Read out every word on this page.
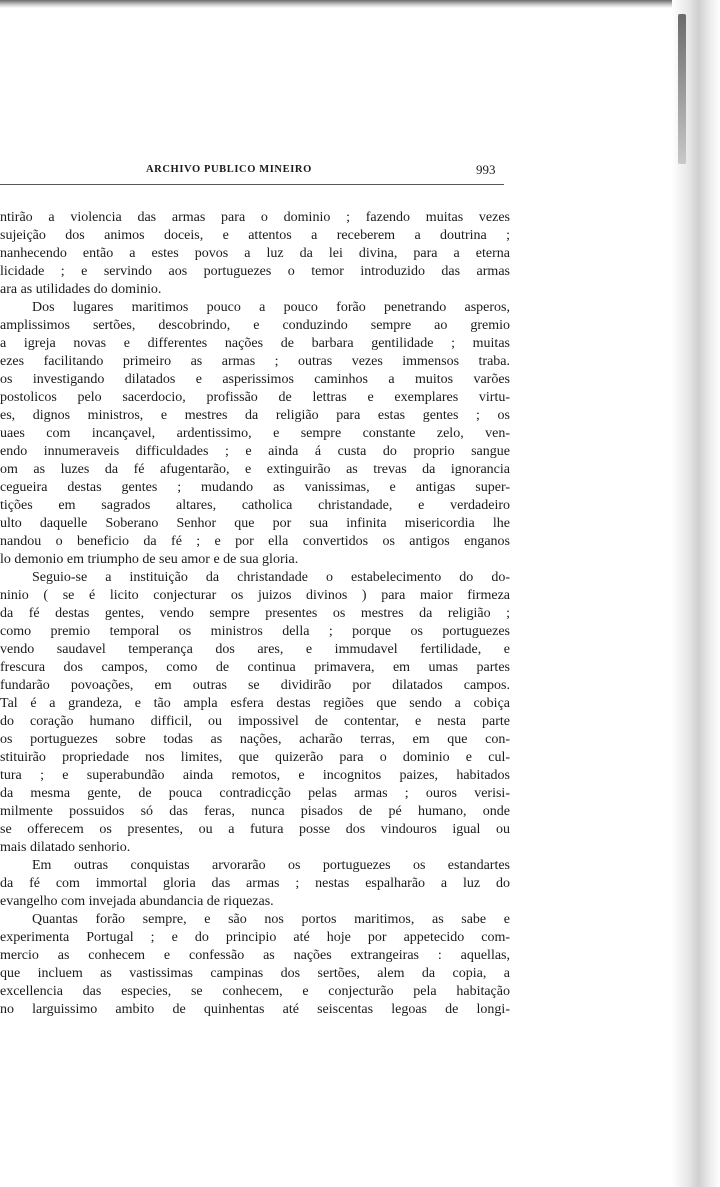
ARCHIVO PUBLICO MINEIRO	993
ntirão a violencia das armas para o dominio ; fazendo muitas vezes
sujeição dos animos doceis, e attentos a receberem a doutrina ;
nanhecendo então a estes povos a luz da lei divina, para a eterna
licidade ; e servindo aos portuguezes o temor introduzido das armas
ara as utilidades do dominio.
Dos lugares maritimos pouco a pouco forão penetrando asperos,
amplissimos sertões, descobrindo, e conduzindo sempre ao gremio
a igreja novas e differentes nações de barbara gentilidade ; muitas
ezes facilitando primeiro as armas ; outras vezes immensos traba.
os investigando dilatados e asperissimos caminhos a muitos varões
postolicos pelo sacerdocio, profissão de lettras e exemplares virtu-
es, dignos ministros, e mestres da religião para estas gentes ; os
uaes com incançavel, ardentissimo, e sempre constante zelo, ven-
endo innumeraveis difficuldades ; e ainda á custa do proprio sangue
om as luzes da fé afugentarão, e extinguirão as trevas da ignorancia
cegueira destas gentes ; mudando as vanissimas, e antigas super-
tições em sagrados altares, catholica christandade, e verdadeiro
ulto daquelle Soberano Senhor que por sua infinita misericordia lhe
nandou o beneficio da fé ; e por ella convertidos os antigos enganos
lo demonio em triumpho de seu amor e de sua gloria.
Seguio-se a instituição da christandade o estabelecimento do do-
ninio ( se é licito conjecturar os juizos divinos ) para maior firmeza
da fé destas gentes, vendo sempre presentes os mestres da religião ;
como premio temporal os ministros della ; porque os portuguezes
vendo saudavel temperança dos ares, e immudavel fertilidade, e
frescura dos campos, como de continua primavera, em umas partes
fundarão povoações, em outras se dividirão por dilatados campos.
Tal é a grandeza, e tão ampla esfera destas regiões que sendo a cobiça
do coração humano difficil, ou impossivel de contentar, e nesta parte
os portuguezes sobre todas as nações, acharão terras, em que con-
stituirão propriedade nos limites, que quizerão para o dominio e cul-
tura ; e superabundão ainda remotos, e incognitos paizes, habitados
da mesma gente, de pouca contradicção pelas armas ; ouros verisi-
milmente possuidos só das feras, nunca pisados de pé humano, onde
se offerecem os presentes, ou a futura posse dos vindouros igual ou
mais dilatado senhorio.
Em outras conquistas arvorarão os portuguezes os estandartes
da fé com immortal gloria das armas ; nestas espalharão a luz do
evangelho com invejada abundancia de riquezas.
Quantas forão sempre, e são nos portos maritimos, as sabe e
experimenta Portugal ; e do principio até hoje por appetecido com-
mercio as conhecem e confessão as nações extrangeiras : aquellas,
que incluem as vastissimas campinas dos sertões, alem da copia, a
excellencia das especies, se conhecem, e conjecturão pela habitação
no larguissimo ambito de quinhentas até seiscentas legoas de longi-
